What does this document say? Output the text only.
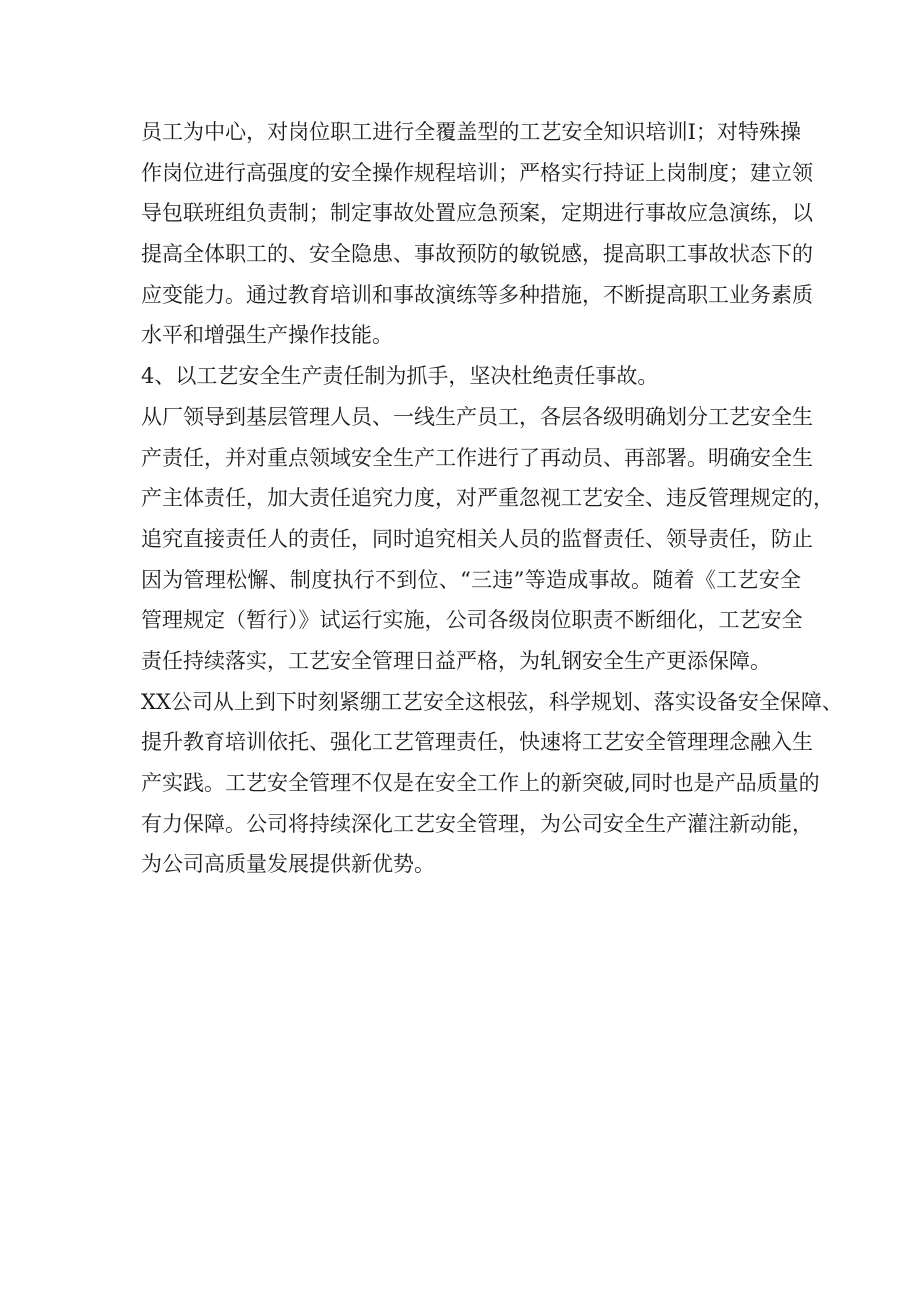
员工为中心，对岗位职工进行全覆盖型的工艺安全知识培训I；对特殊操
作岗位进行高强度的安全操作规程培训；严格实行持证上岗制度；建立领
导包联班组负责制；制定事故处置应急预案，定期进行事故应急演练，以
提高全体职工的、安全隐患、事故预防的敏锐感，提高职工事故状态下的
应变能力。通过教育培训和事故演练等多种措施，不断提高职工业务素质
水平和增强生产操作技能。
4、以工艺安全生产责任制为抓手，坚决杜绝责任事故。
从厂领导到基层管理人员、一线生产员工，各层各级明确划分工艺安全生
产责任，并对重点领域安全生产工作进行了再动员、再部署。明确安全生
产主体责任，加大责任追究力度，对严重忽视工艺安全、违反管理规定的，
追究直接责任人的责任，同时追究相关人员的监督责任、领导责任，防止
因为管理松懈、制度执行不到位、“三违”等造成事故。随着《工艺安全
管理规定（暂行）》试运行实施，公司各级岗位职责不断细化，工艺安全
责任持续落实，工艺安全管理日益严格，为轧钢安全生产更添保障。
XX公司从上到下时刻紧绷工艺安全这根弦，科学规划、落实设备安全保障、
提升教育培训依托、强化工艺管理责任，快速将工艺安全管理理念融入生
产实践。工艺安全管理不仅是在安全工作上的新突破,同时也是产品质量的
有力保障。公司将持续深化工艺安全管理，为公司安全生产灌注新动能，
为公司高质量发展提供新优势。
